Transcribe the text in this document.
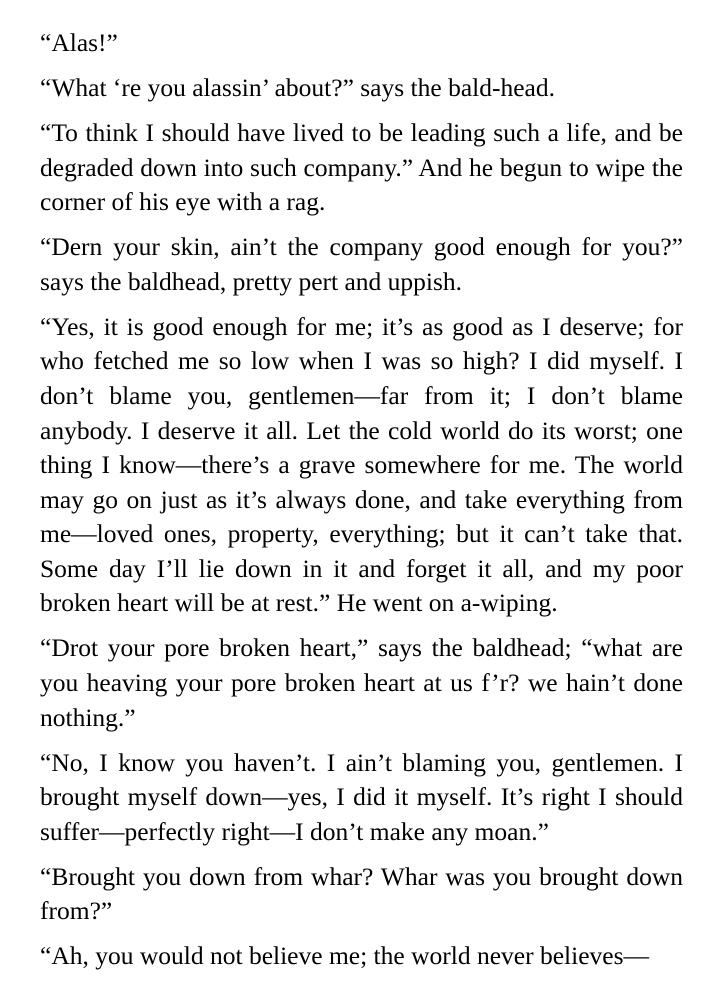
“Alas!”

“What ‘re you alassin’ about?” says the bald-head.

“To think I should have lived to be leading such a life, and be degraded down into such company.” And he begun to wipe the corner of his eye with a rag.

“Dern your skin, ain’t the company good enough for you?” says the baldhead, pretty pert and uppish.

“Yes, it is good enough for me; it’s as good as I deserve; for who fetched me so low when I was so high? I did myself. I don’t blame you, gentlemen—far from it; I don’t blame anybody. I deserve it all. Let the cold world do its worst; one thing I know—there’s a grave somewhere for me. The world may go on just as it’s always done, and take everything from me—loved ones, property, everything; but it can’t take that. Some day I’ll lie down in it and forget it all, and my poor broken heart will be at rest.” He went on a-wiping.

“Drot your pore broken heart,” says the baldhead; “what are you heaving your pore broken heart at us f’r? we hain’t done nothing.”

“No, I know you haven’t. I ain’t blaming you, gentlemen. I brought myself down—yes, I did it myself. It’s right I should suffer—perfectly right—I don’t make any moan.”

“Brought you down from whar? Whar was you brought down from?”

“Ah, you would not believe me; the world never believes—
